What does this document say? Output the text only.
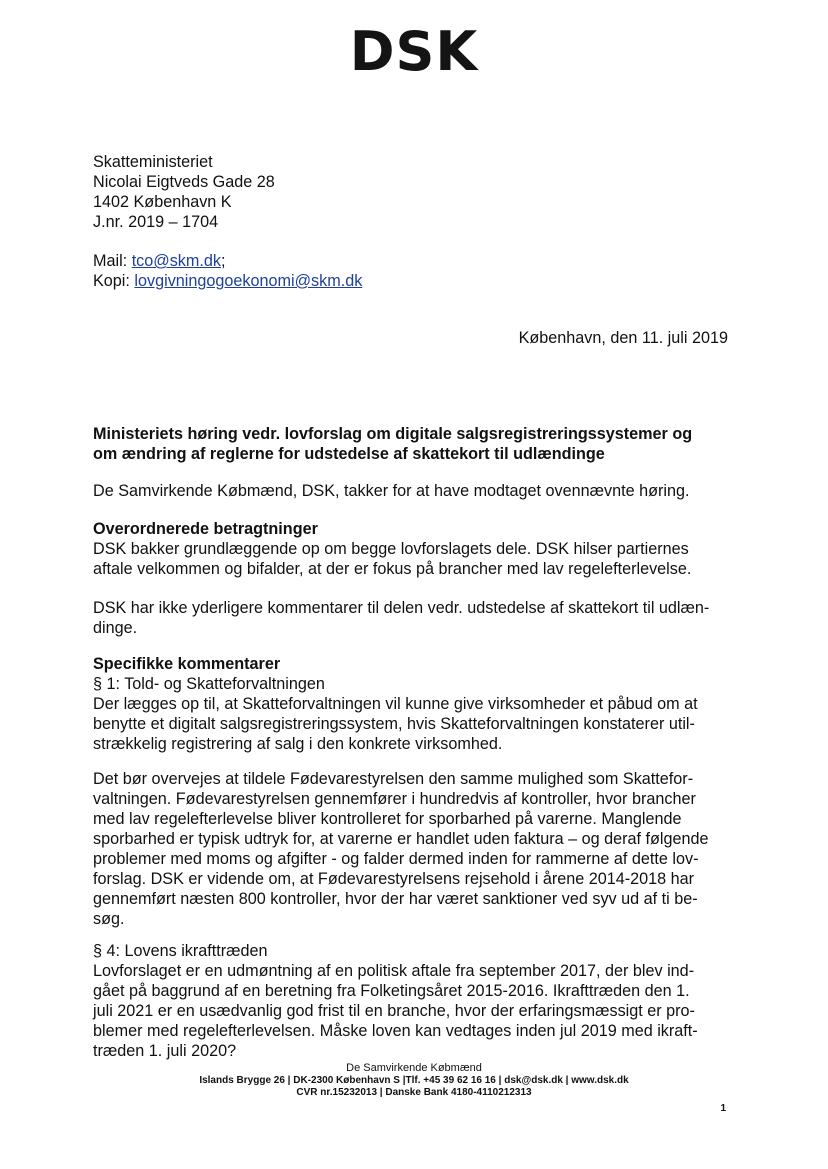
DSK

Skatteministeriet

Nicolai Eigtveds Gade 28

1402 København K

J.nr. 2019 – 1704

Mail: tco@skm.dk;

Kopi: lovgivningogoekonomi@skm.dk

København, den 11. juli 2019

Ministeriets høring vedr. lovforslag om digitale salgsregistreringssystemer og

om ændring af reglerne for udstedelse af skattekort til udlændinge

De Samvirkende Købmænd, DSK, takker for at have modtaget ovennævnte høring.

Overordnerede betragtninger

DSK bakker grundlæggende op om begge lovforslagets dele. DSK hilser partiernes

aftale velkommen og bifalder, at der er fokus på brancher med lav regelefterlevelse.

DSK har ikke yderligere kommentarer til delen vedr. udstedelse af skattekort til udlæn-

dinge.

Specifikke kommentarer

§ 1: Told- og Skatteforvaltningen

Der lægges op til, at Skatteforvaltningen vil kunne give virksomheder et påbud om at

benytte et digitalt salgsregistreringssystem, hvis Skatteforvaltningen konstaterer util-

strækkelig registrering af salg i den konkrete virksomhed.

Det bør overvejes at tildele Fødevarestyrelsen den samme mulighed som Skattefor-

valtningen. Fødevarestyrelsen gennemfører i hundredvis af kontroller, hvor brancher

med lav regelefterlevelse bliver kontrolleret for sporbarhed på varerne. Manglende

sporbarhed er typisk udtryk for, at varerne er handlet uden faktura – og deraf følgende

problemer med moms og afgifter - og falder dermed inden for rammerne af dette lov-

forslag. DSK er vidende om, at Fødevarestyrelsens rejsehold i årene 2014-2018 har

gennemført næsten 800 kontroller, hvor der har været sanktioner ved syv ud af ti be-

søg.

§ 4: Lovens ikrafttræden

Lovforslaget er en udmøntning af en politisk aftale fra september 2017, der blev ind-

gået på baggrund af en beretning fra Folketingsåret 2015-2016. Ikrafttræden den 1.

juli 2021 er en usædvanlig god frist til en branche, hvor der erfaringsmæssigt er pro-

blemer med regelefterlevelsen. Måske loven kan vedtages inden jul 2019 med ikraft-

træden 1. juli 2020?

De Samvirkende Købmænd
Islands Brygge 26 | DK-2300 København S |Tlf. +45 39 62 16 16 | dsk@dsk.dk | www.dsk.dk
CVR nr.15232013 | Danske Bank 4180-4110212313
1
